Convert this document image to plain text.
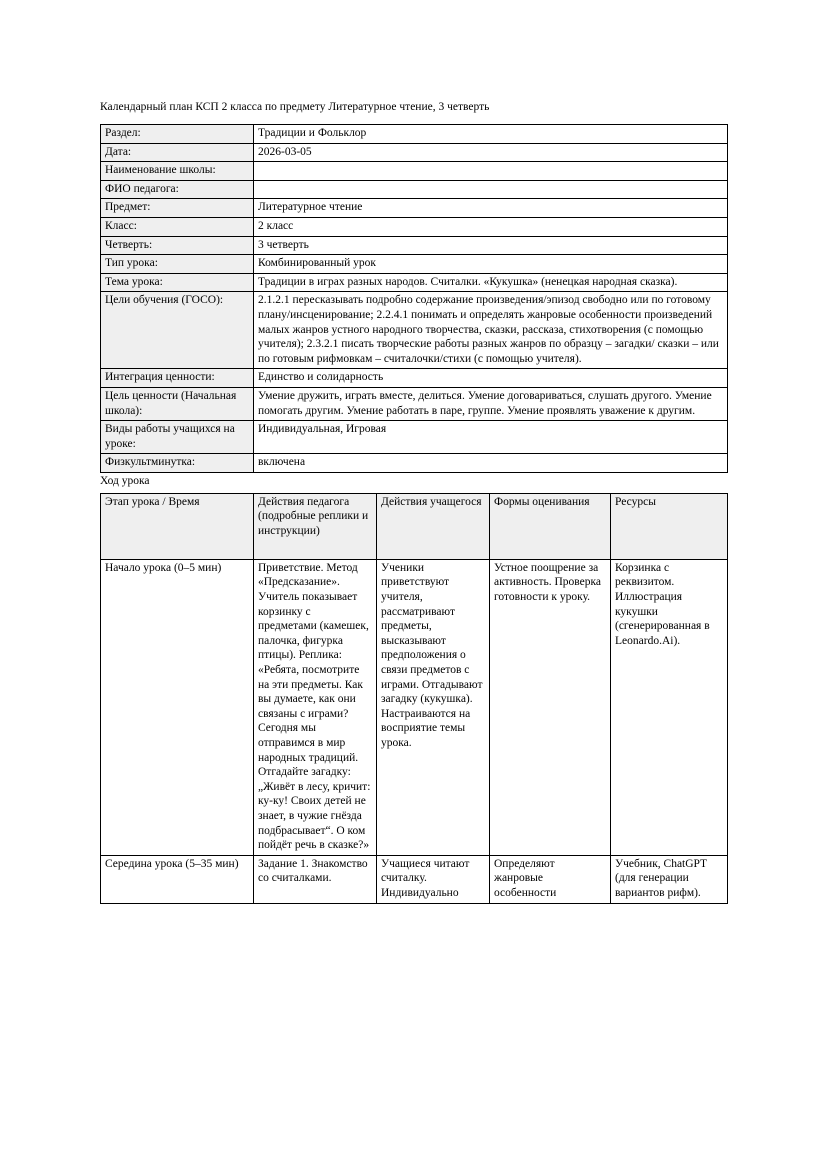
Календарный план КСП 2 класса по предмету Литературное чтение, 3 четверть
Раздел:	Традиции и Фольклор
Дата:	2026-03-05
Наименование школы:	
ФИО педагога:	
Предмет:	Литературное чтение
Класс:	2 класс
Четверть:	3 четверть
Тип урока:	Комбинированный урок
Тема урока:	Традиции в играх разных народов. Считалки. «Кукушка» (ненецкая народная сказка).
Цели обучения (ГОСО):	2.1.2.1 пересказывать подробно содержание произведения/эпизод свободно или по готовому плану/инсценирование; 2.2.4.1 понимать и определять жанровые особенности произведений малых жанров устного народного творчества, сказки, рассказа, стихотворения (с помощью учителя); 2.3.2.1 писать творческие работы разных жанров по образцу – загадки/ сказки – или по готовым рифмовкам – считалочки/стихи (с помощью учителя).
Интеграция ценности:	Единство и солидарность
Цель ценности (Начальная школа):	Умение дружить, играть вместе, делиться. Умение договариваться, слушать другого. Умение помогать другим. Умение работать в паре, группе. Умение проявлять уважение к другим.
Виды работы учащихся на уроке:	Индивидуальная, Игровая
Физкультминутка:	включена
Ход урока
Этап урока / Время	Действия педагога (подробные реплики и инструкции)	Действия учащегося	Формы оценивания	Ресурсы
Начало урока (0–5 мин)	Приветствие. Метод «Предсказание». Учитель показывает корзинку с предметами (камешек, палочка, фигурка птицы). Реплика: «Ребята, посмотрите на эти предметы. Как вы думаете, как они связаны с играми? Сегодня мы отправимся в мир народных традиций. Отгадайте загадку: „Живёт в лесу, кричит: ку-ку! Своих детей не знает, в чужие гнёзда подбрасывает“. О ком пойдёт речь в сказке?»	Ученики приветствуют учителя, рассматривают предметы, высказывают предположения о связи предметов с играми. Отгадывают загадку (кукушка). Настраиваются на восприятие темы урока.	Устное поощрение за активность. Проверка готовности к уроку.	Корзинка с реквизитом. Иллюстрация кукушки (сгенерированная в Leonardo.Ai).
Середина урока (5–35 мин)	Задание 1. Знакомство со считалками.	Учащиеся читают считалку. Индивидуально	Определяют жанровые особенности	Учебник, ChatGPT (для генерации вариантов рифм).
